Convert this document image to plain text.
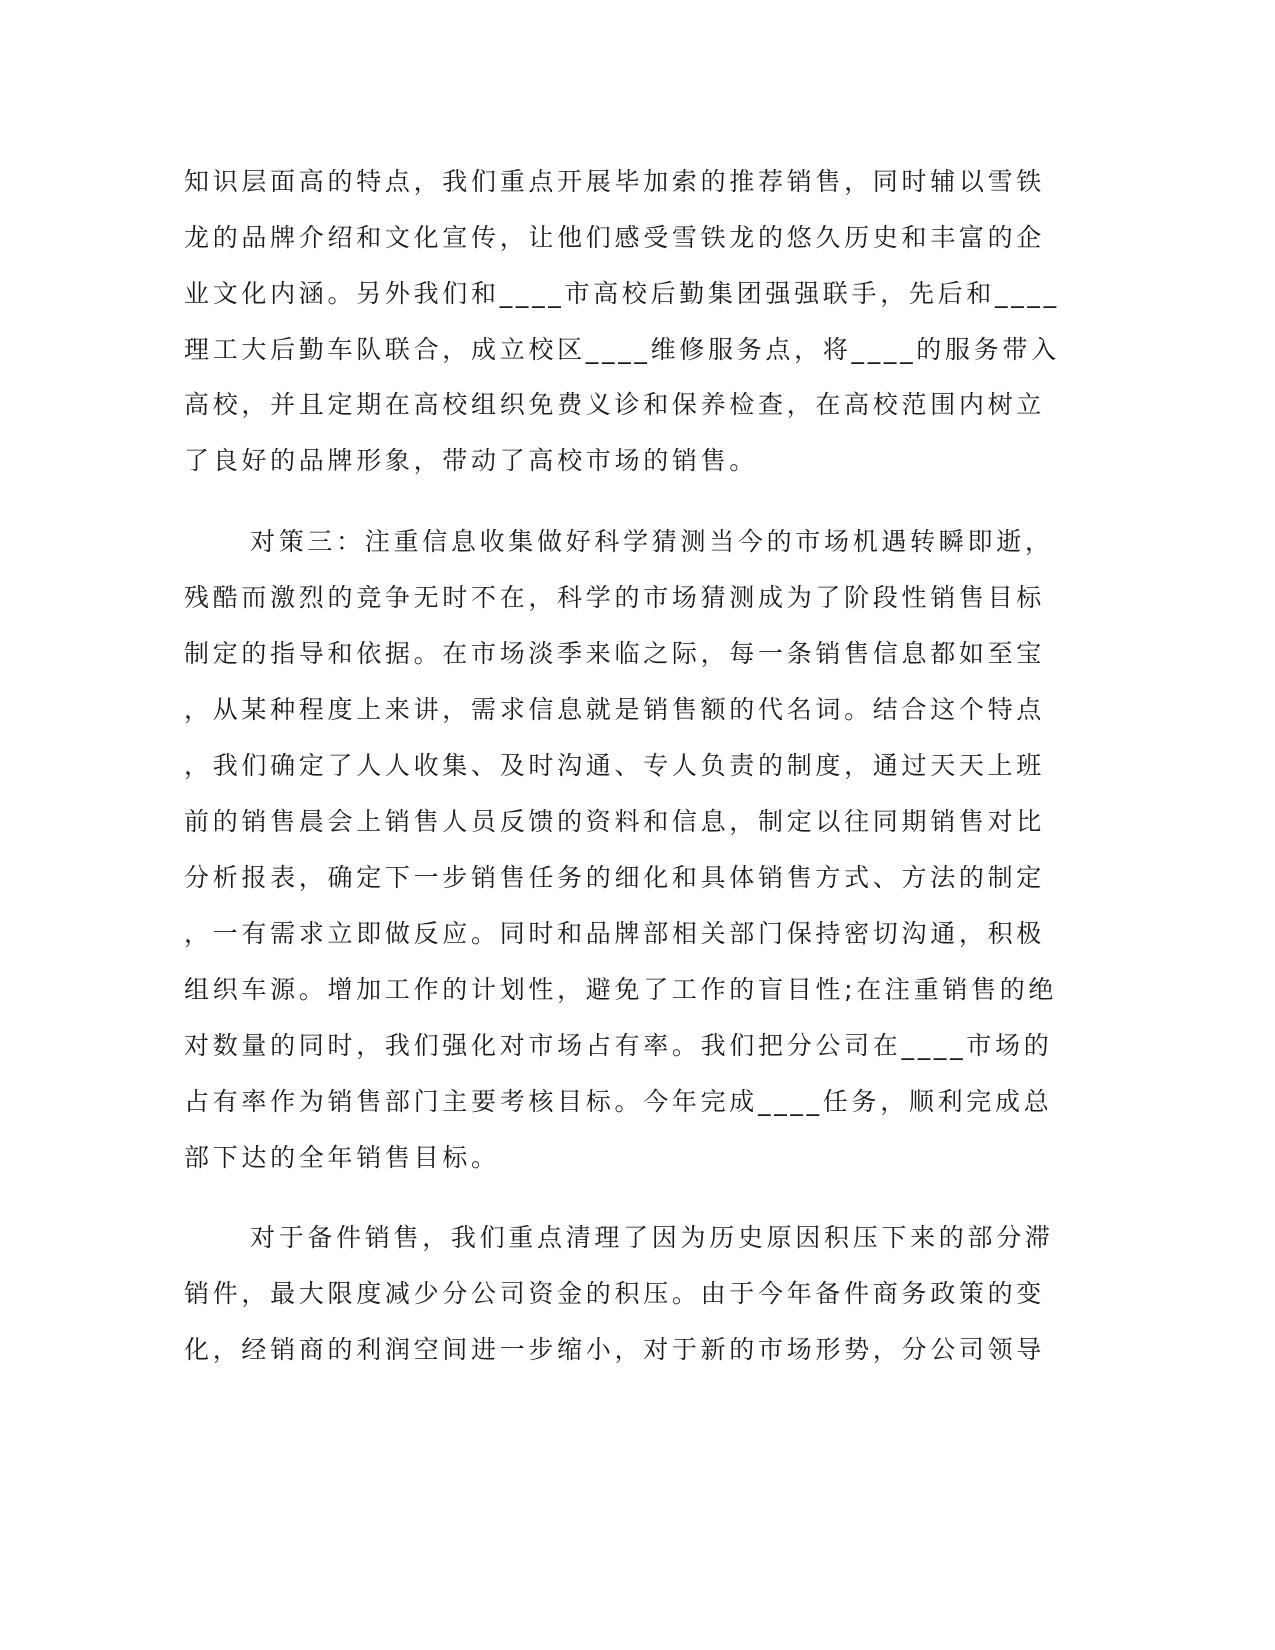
知识层面高的特点，我们重点开展毕加索的推荐销售，同时辅以雪铁
龙的品牌介绍和文化宣传，让他们感受雪铁龙的悠久历史和丰富的企
业文化内涵。另外我们和____市高校后勤集团强强联手，先后和____
理工大后勤车队联合，成立校区____维修服务点，将____的服务带入
高校，并且定期在高校组织免费义诊和保养检查，在高校范围内树立
了良好的品牌形象，带动了高校市场的销售。
对策三：注重信息收集做好科学猜测当今的市场机遇转瞬即逝，
残酷而激烈的竞争无时不在，科学的市场猜测成为了阶段性销售目标
制定的指导和依据。在市场淡季来临之际，每一条销售信息都如至宝
，从某种程度上来讲，需求信息就是销售额的代名词。结合这个特点
，我们确定了人人收集、及时沟通、专人负责的制度，通过天天上班
前的销售晨会上销售人员反馈的资料和信息，制定以往同期销售对比
分析报表，确定下一步销售任务的细化和具体销售方式、方法的制定
，一有需求立即做反应。同时和品牌部相关部门保持密切沟通，积极
组织车源。增加工作的计划性，避免了工作的盲目性;在注重销售的绝
对数量的同时，我们强化对市场占有率。我们把分公司在____市场的
占有率作为销售部门主要考核目标。今年完成____任务，顺利完成总
部下达的全年销售目标。
对于备件销售，我们重点清理了因为历史原因积压下来的部分滞
销件，最大限度减少分公司资金的积压。由于今年备件商务政策的变
化，经销商的利润空间进一步缩小，对于新的市场形势，分公司领导
